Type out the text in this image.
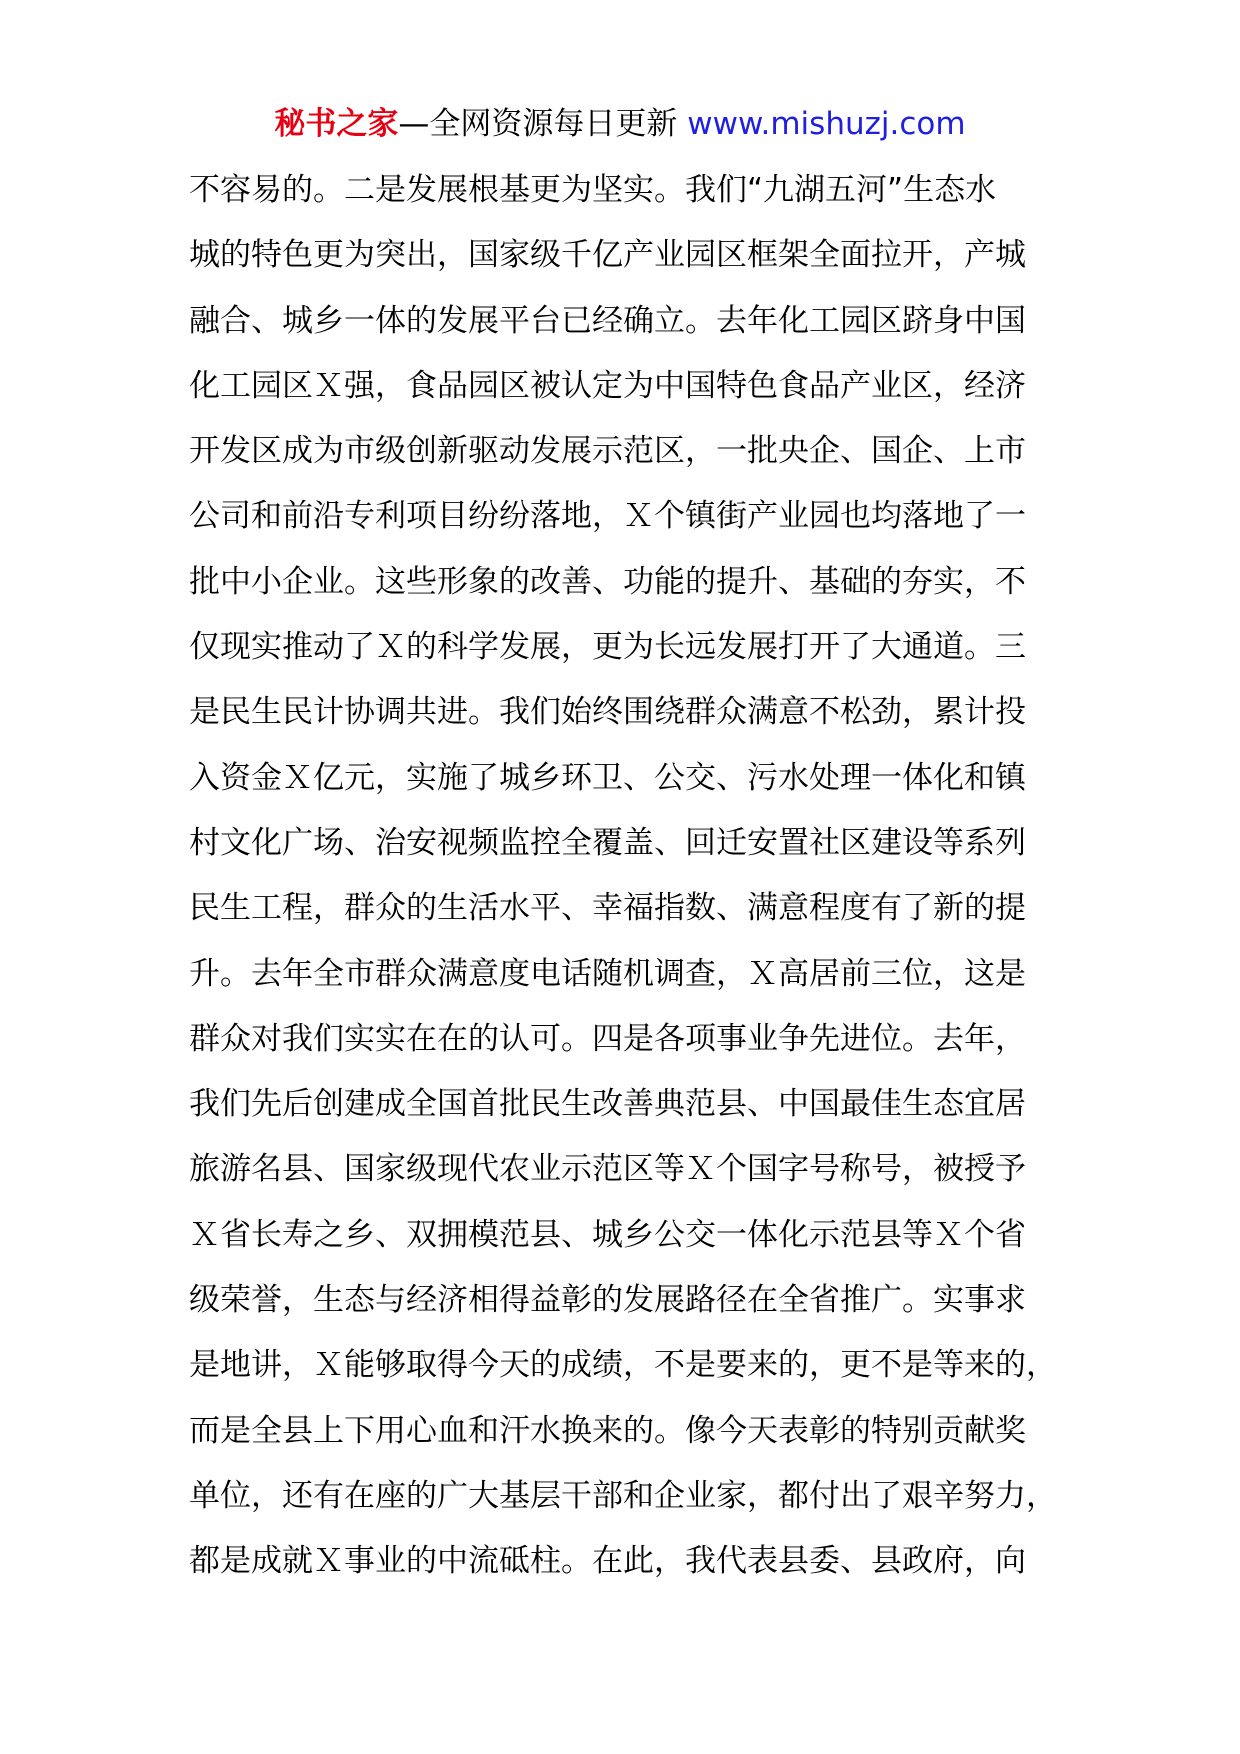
秘书之家—全网资源每日更新 www.mishuzj.com
不容易的。二是发展根基更为坚实。我们“九湖五河”生态水
城的特色更为突出，国家级千亿产业园区框架全面拉开，产城
融合、城乡一体的发展平台已经确立。去年化工园区跻身中国
化工园区Ｘ强，食品园区被认定为中国特色食品产业区，经济
开发区成为市级创新驱动发展示范区，一批央企、国企、上市
公司和前沿专利项目纷纷落地，Ｘ个镇街产业园也均落地了一
批中小企业。这些形象的改善、功能的提升、基础的夯实，不
仅现实推动了Ｘ的科学发展，更为长远发展打开了大通道。三
是民生民计协调共进。我们始终围绕群众满意不松劲，累计投
入资金Ｘ亿元，实施了城乡环卫、公交、污水处理一体化和镇
村文化广场、治安视频监控全覆盖、回迁安置社区建设等系列
民生工程，群众的生活水平、幸福指数、满意程度有了新的提
升。去年全市群众满意度电话随机调查，Ｘ高居前三位，这是
群众对我们实实在在的认可。四是各项事业争先进位。去年，
我们先后创建成全国首批民生改善典范县、中国最佳生态宜居
旅游名县、国家级现代农业示范区等Ｘ个国字号称号，被授予
Ｘ省长寿之乡、双拥模范县、城乡公交一体化示范县等Ｘ个省
级荣誉，生态与经济相得益彰的发展路径在全省推广。实事求
是地讲，Ｘ能够取得今天的成绩，不是要来的，更不是等来的，
而是全县上下用心血和汗水换来的。像今天表彰的特别贡献奖
单位，还有在座的广大基层干部和企业家，都付出了艰辛努力，
都是成就Ｘ事业的中流砥柱。在此，我代表县委、县政府，向
